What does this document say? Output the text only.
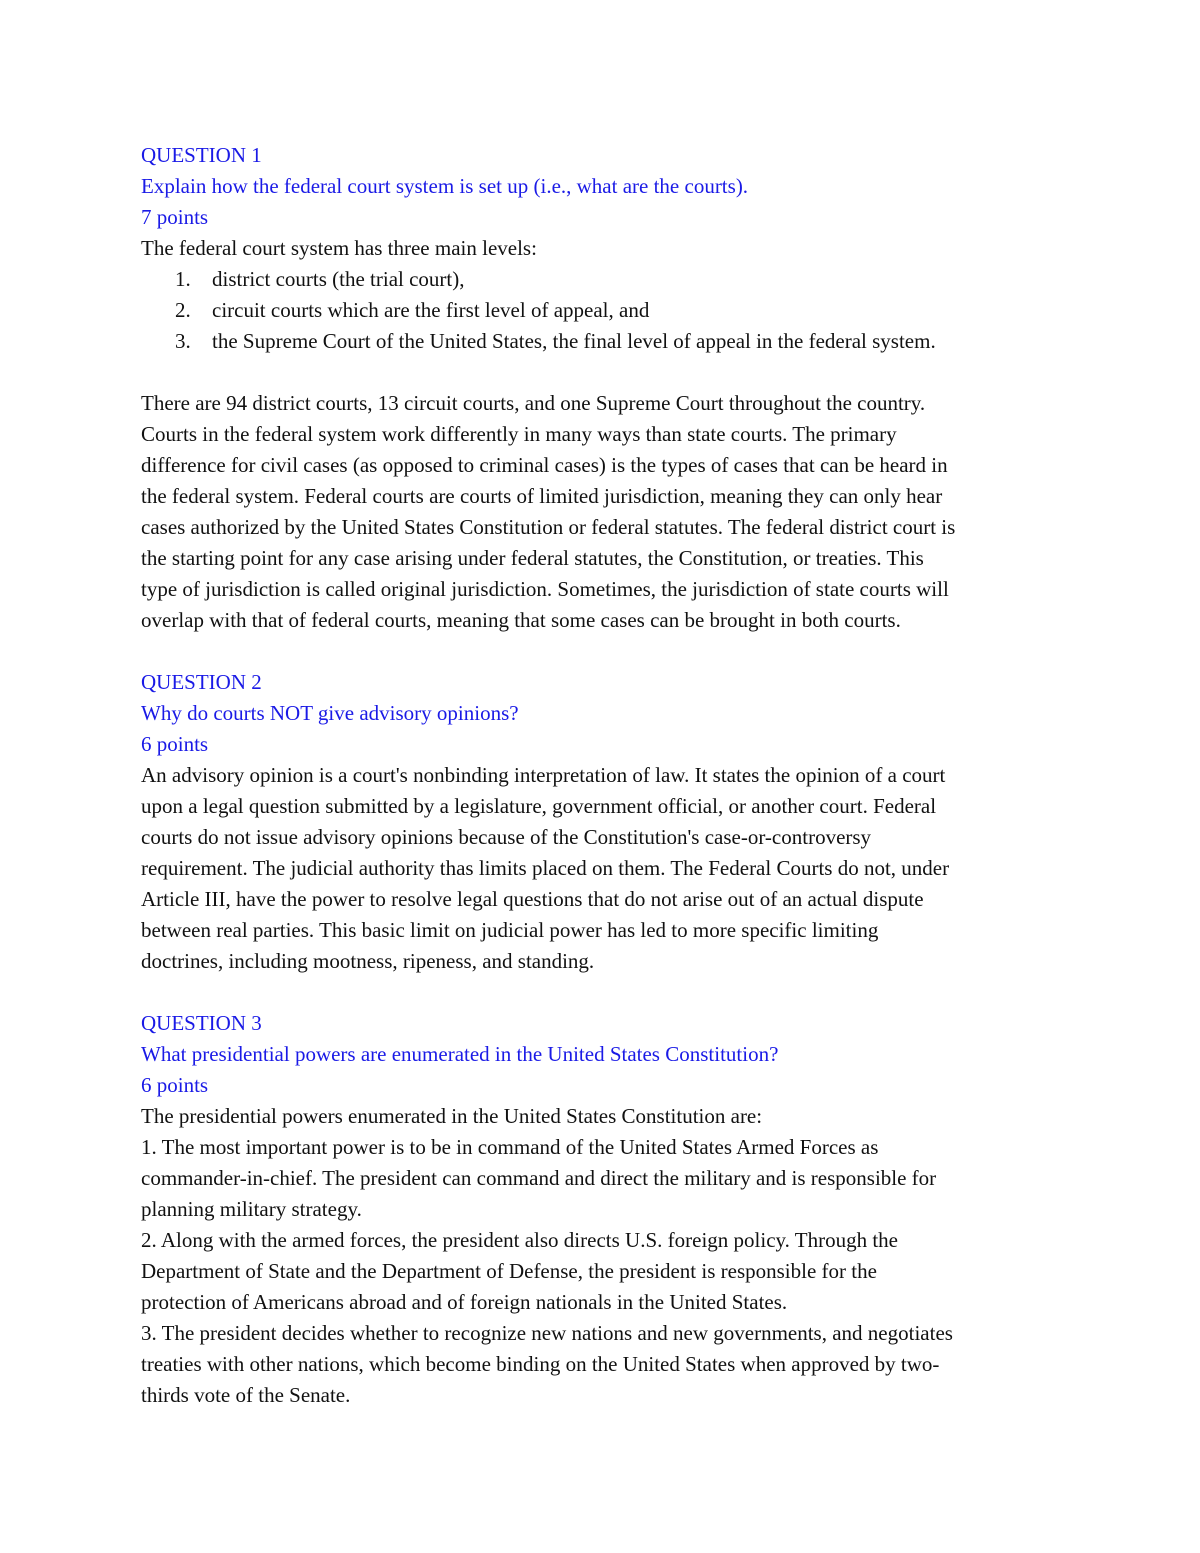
QUESTION 1
Explain how the federal court system is set up (i.e., what are the courts).
7 points
The federal court system has three main levels:
1. district courts (the trial court),
2. circuit courts which are the first level of appeal, and
3. the Supreme Court of the United States, the final level of appeal in the federal system.
There are 94 district courts, 13 circuit courts, and one Supreme Court throughout the country.
Courts in the federal system work differently in many ways than state courts. The primary
difference for civil cases (as opposed to criminal cases) is the types of cases that can be heard in
the federal system. Federal courts are courts of limited jurisdiction, meaning they can only hear
cases authorized by the United States Constitution or federal statutes. The federal district court is
the starting point for any case arising under federal statutes, the Constitution, or treaties. This
type of jurisdiction is called original jurisdiction. Sometimes, the jurisdiction of state courts will
overlap with that of federal courts, meaning that some cases can be brought in both courts.
QUESTION 2
Why do courts NOT give advisory opinions?
6 points
An advisory opinion is a court's nonbinding interpretation of law. It states the opinion of a court
upon a legal question submitted by a legislature, government official, or another court. Federal
courts do not issue advisory opinions because of the Constitution's case-or-controversy
requirement. The judicial authority thas limits placed on them. The Federal Courts do not, under
Article III, have the power to resolve legal questions that do not arise out of an actual dispute
between real parties. This basic limit on judicial power has led to more specific limiting
doctrines, including mootness, ripeness, and standing.
QUESTION 3
What presidential powers are enumerated in the United States Constitution?
6 points
The presidential powers enumerated in the United States Constitution are:
1. The most important power is to be in command of the United States Armed Forces as
commander-in-chief. The president can command and direct the military and is responsible for
planning military strategy.
2. Along with the armed forces, the president also directs U.S. foreign policy. Through the
Department of State and the Department of Defense, the president is responsible for the
protection of Americans abroad and of foreign nationals in the United States.
3. The president decides whether to recognize new nations and new governments, and negotiates
treaties with other nations, which become binding on the United States when approved by two-
thirds vote of the Senate.
